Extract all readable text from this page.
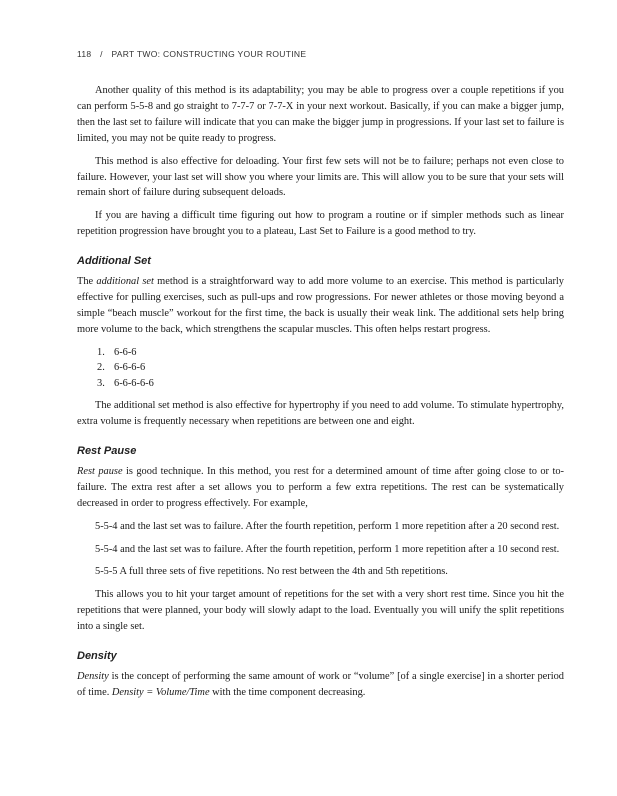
118 / PART TWO: CONSTRUCTING YOUR ROUTINE

Another quality of this method is its adaptability; you may be able to progress over a couple repetitions if you can perform 5-5-8 and go straight to 7-7-7 or 7-7-X in your next workout. Basically, if you can make a bigger jump, then the last set to failure will indicate that you can make the bigger jump in progressions. If your last set to failure is limited, you may not be quite ready to progress.

This method is also effective for deloading. Your first few sets will not be to failure; perhaps not even close to failure. However, your last set will show you where your limits are. This will allow you to be sure that your sets will remain short of failure during subsequent deloads.

If you are having a difficult time figuring out how to program a routine or if simpler methods such as linear repetition progression have brought you to a plateau, Last Set to Failure is a good method to try.

Additional Set

The additional set method is a straightforward way to add more volume to an exercise. This method is particularly effective for pulling exercises, such as pull-ups and row progressions. For newer athletes or those moving beyond a simple “beach muscle” workout for the first time, the back is usually their weak link. The additional sets help bring more volume to the back, which strengthens the scapular muscles. This often helps restart progress.

1. 6-6-6
2. 6-6-6-6
3. 6-6-6-6-6

The additional set method is also effective for hypertrophy if you need to add volume. To stimulate hypertrophy, extra volume is frequently necessary when repetitions are between one and eight.

Rest Pause

Rest pause is good technique. In this method, you rest for a determined amount of time after going close to or to-failure. The extra rest after a set allows you to perform a few extra repetitions. The rest can be systematically decreased in order to progress effectively. For example,

5-5-4 and the last set was to failure. After the fourth repetition, perform 1 more repetition after a 20 second rest.

5-5-4 and the last set was to failure. After the fourth repetition, perform 1 more repetition after a 10 second rest.

5-5-5 A full three sets of five repetitions. No rest between the 4th and 5th repetitions.

This allows you to hit your target amount of repetitions for the set with a very short rest time. Since you hit the repetitions that were planned, your body will slowly adapt to the load. Eventually you will unify the split repetitions into a single set.

Density

Density is the concept of performing the same amount of work or “volume” [of a single exercise] in a shorter period of time. Density = Volume/Time with the time component decreasing.
